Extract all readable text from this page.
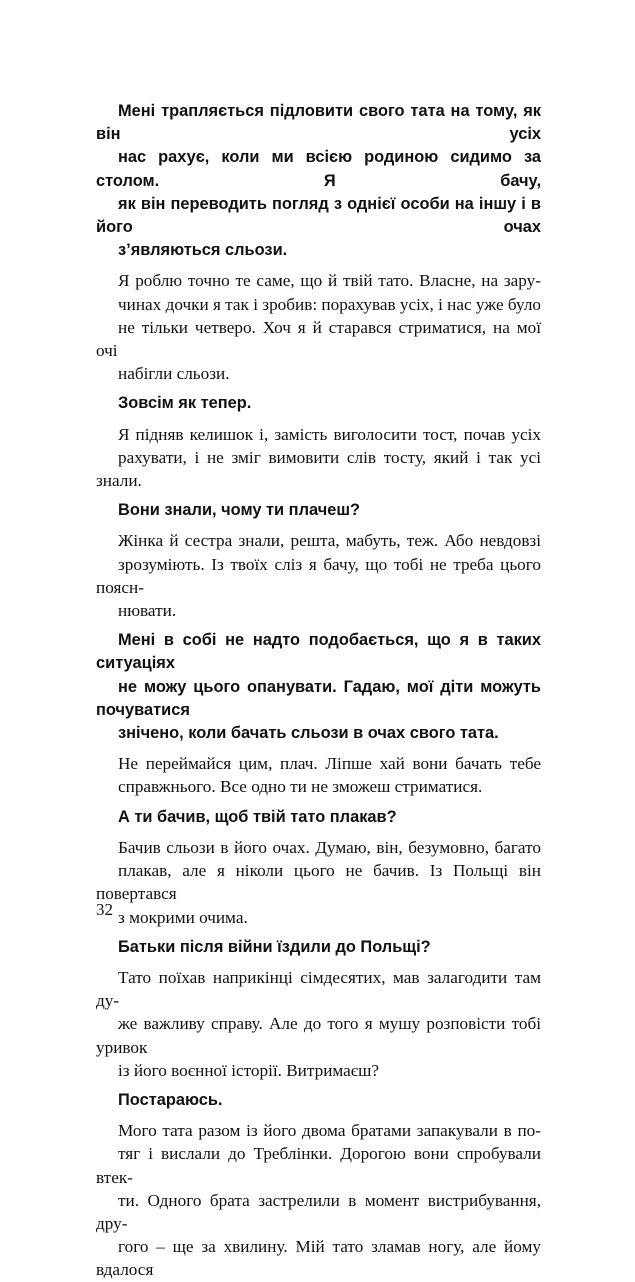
Мені трапляється підловити свого тата на тому, як він усіх
нас рахує, коли ми всією родиною сидимо за столом. Я бачу,
як він переводить погляд з однієї особи на іншу і в його очах
з’являються сльози.

Я роблю точно те саме, що й твій тато. Власне, на зару-
чинах дочки я так і зробив: порахував усіх, і нас уже було
не тільки четверо. Хоч я й старався стриматися, на мої очі
набігли сльози.

Зовсім як тепер.

Я підняв келишок і, замість виголосити тост, почав усіх
рахувати, і не зміг вимовити слів тосту, який і так усі знали.

Вони знали, чому ти плачеш?

Жінка й сестра знали, решта, мабуть, теж. Або невдовзі
зрозуміють. Із твоїх сліз я бачу, що тобі не треба цього поясн-
нювати.

Мені в собі не надто подобається, що я в таких ситуаціях
не можу цього опанувати. Гадаю, мої діти можуть почуватися
знічено, коли бачать сльози в очах свого тата.

Не переймайся цим, плач. Ліпше хай вони бачать тебе
справжнього. Все одно ти не зможеш стриматися.

А ти бачив, щоб твій тато плакав?

Бачив сльози в його очах. Думаю, він, безумовно, багато
плакав, але я ніколи цього не бачив. Із Польщі він повертався
з мокрими очима.

Батьки після війни їздили до Польщі?

Тато поїхав наприкінці сімдесятих, мав залагодити там ду-
же важливу справу. Але до того я мушу розповісти тобі уривок
із його воєнної історії. Витримаєш?

Постараюсь.

Мого тата разом із його двома братами запакували в по-
тяг і вислали до Треблінки. Дорогою вони спробували втек-
ти. Одного брата застрелили в момент вистрибування, дру-
гого – ще за хвилину. Мій тато зламав ногу, але йому вдалося

32
